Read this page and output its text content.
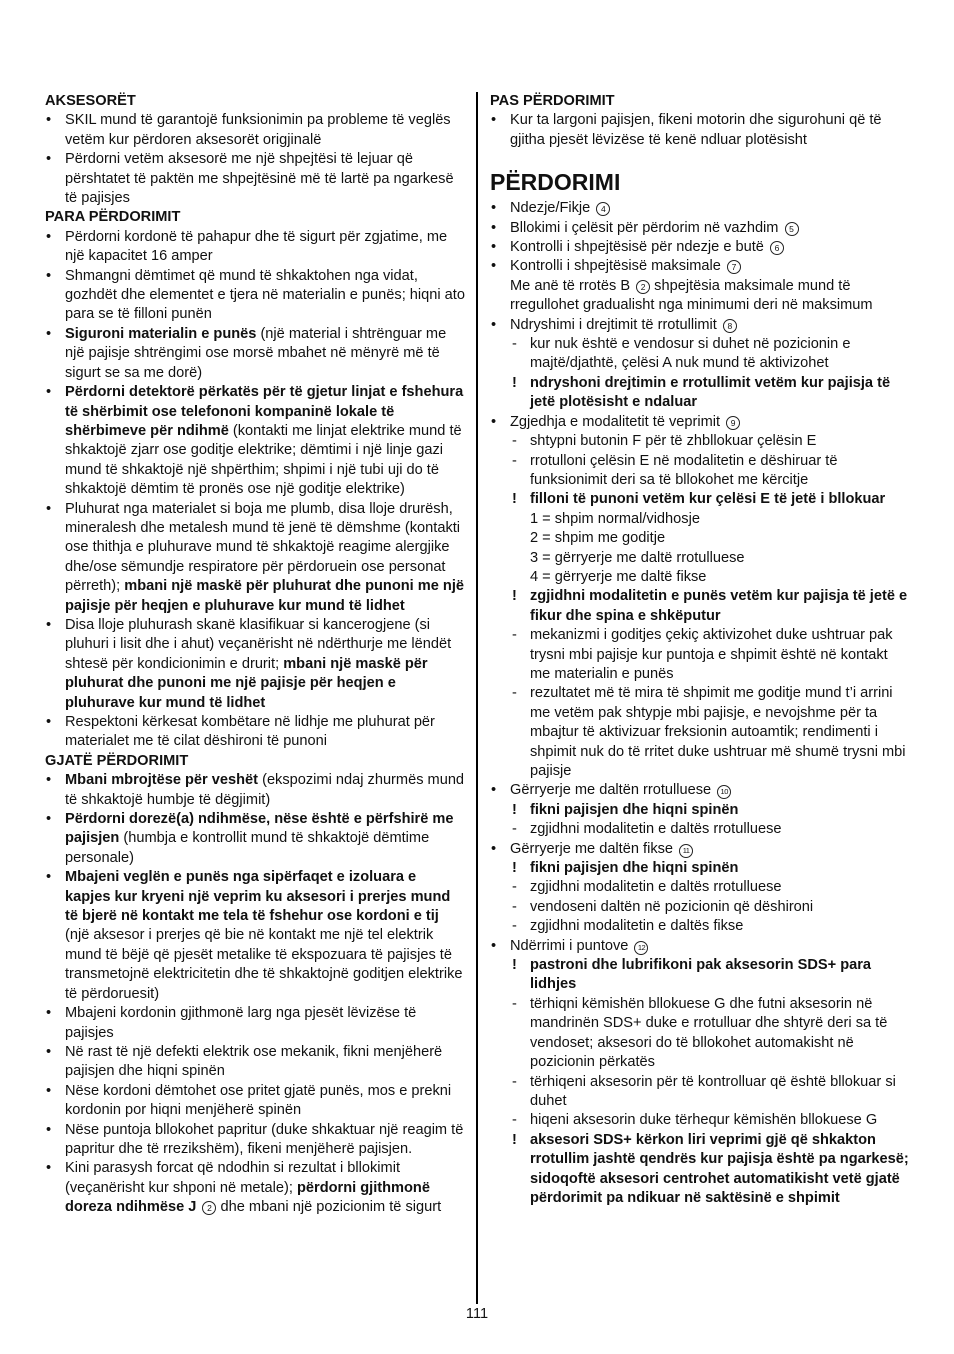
AKSESORËT
• SKIL mund të garantojë funksionimin pa probleme të veglës vetëm kur përdoren aksesorët origjinalë
• Përdorni vetëm aksesorë me një shpejtësi të lejuar që përshtatet të paktën me shpejtësinë më të lartë pa ngarkesë të pajisjes
PARA PËRDORIMIT
• Përdorni kordonë të pahapur dhe të sigurt për zgjatime, me një kapacitet 16 amper
• Shmangni dëmtimet që mund të shkaktohen nga vidat, gozhdët dhe elementet e tjera në materialin e punës; hiqni ato para se të filloni punën
• Siguroni materialin e punës (një material i shtrënguar me një pajisje shtrëngimi ose morsë mbahet në mënyrë më të sigurt se sa me dorë)
• Përdorni detektorë përkatës për të gjetur linjat e fshehura të shërbimit ose telefononi kompaninë lokale të shërbimeve për ndihmë (kontakti me linjat elektrike mund të shkaktojë zjarr ose goditje elektrike; dëmtimi i një linje gazi mund të shkaktojë një shpërthim; shpimi i një tubi uji do të shkaktojë dëmtim të pronës ose një goditje elektrike)
• Pluhurat nga materialet si boja me plumb, disa lloje drurësh, mineralesh dhe metalesh mund të jenë të dëmshme (kontakti ose thithja e pluhurave mund të shkaktojë reagime alergjike dhe/ose sëmundje respiratore për përdoruein ose personat përreth); mbani një maskë për pluhurat dhe punoni me një pajisje për heqjen e pluhurave kur mund të lidhet
• Disa lloje pluhurash skanë klasifikuar si kancerogjene (si pluhuri i lisit dhe i ahut) veçanërisht në ndërthurje me lëndët shtesë për kondicionimin e drurit; mbani një maskë për pluhurat dhe punoni me një pajisje për heqjen e pluhurave kur mund të lidhet
• Respektoni kërkesat kombëtare në lidhje me pluhurat për materialet me të cilat dëshironi të punoni
GJATË PËRDORIMIT
• Mbani mbrojtëse për veshët (ekspozimi ndaj zhurmës mund të shkaktojë humbje të dëgjimit)
• Përdorni dorezë(a) ndihmëse, nëse është e përfshirë me pajisjen (humbja e kontrollit mund të shkaktojë dëmtime personale)
• Mbajeni veglën e punës nga sipërfaqet e izoluara e kapjes kur kryeni një veprim ku aksesori i prerjes mund të bjerë në kontakt me tela të fshehur ose kordoni e tij (një aksesor i prerjes që bie në kontakt me një tel elektrik mund të bëjë që pjesët metalike të ekspozuara të pajisjes të transmetojnë elektricitetin dhe të shkaktojnë goditjen elektrike të përdoruesit)
• Mbajeni kordonin gjithmonë larg nga pjesët lëvizëse të pajisjes
• Në rast të një defekti elektrik ose mekanik, fikni menjëherë pajisjen dhe hiqni spinën
• Nëse kordoni dëmtohet ose pritet gjatë punës, mos e prekni kordonin por hiqni menjëherë spinën
• Nëse puntoja bllokohet papritur (duke shkaktuar një reagim të papritur dhe të rrezikshëm), fikeni menjëherë pajisjen.
• Kini parasysh forcat që ndodhin si rezultat i bllokimit (veçanërisht kur shponi në metale); përdorni gjithmonë doreza ndihmëse J 2 dhe mbani një pozicionim të sigurt
PAS PËRDORIMIT
• Kur ta largoni pajisjen, fikeni motorin dhe sigurohuni që të gjitha pjesët lëvizëse të kenë ndluar plotësisht
PËRDORIMI
• Ndezje/Fikje 4
• Bllokimi i çelësit për përdorim në vazhdim 5
• Kontrolli i shpejtësisë për ndezje e butë 6
• Kontrolli i shpejtësisë maksimale 7
Me anë të rrotës B 2 shpejtësia maksimale mund të rregullohet gradualisht nga minimumi deri në maksimum
• Ndryshimi i drejtimit të rrotullimit 8
- kur nuk është e vendosur si duhet në pozicionin e majtë/djathtë, çelësi A nuk mund të aktivizohet
! ndryshoni drejtimin e rrotullimit vetëm kur pajisja të jetë plotësisht e ndaluar
• Zgjedhja e modalitetit të veprimit 9
- shtypni butonin F për të zhbllokuar çelësin E
- rrotulloni çelësin E në modalitetin e dëshiruar të funksionimit deri sa të bllokohet me kërcitje
! filloni të punoni vetëm kur çelësi E të jetë i bllokuar
1 = shpim normal/vidhosje
2 = shpim me goditje
3 = gërryerje me daltë rrotulluese
4 = gërryerje me daltë fikse
! zgjidhni modalitetin e punës vetëm kur pajisja të jetë e fikur dhe spina e shkëputur
- mekanizmi i goditjes çekiç aktivizohet duke ushtruar pak trysni mbi pajisje kur puntoja e shpimit është në kontakt me materialin e punës
- rezultatet më të mira të shpimit me goditje mund t’i arrini me vetëm pak shtypje mbi pajisje, e nevojshme për ta mbajtur të aktivizuar freksionin autoamtik; rendimenti i shpimit nuk do të rritet duke ushtruar më shumë trysni mbi pajisje
• Gërryerje me daltën rrotulluese 10
! fikni pajisjen dhe hiqni spinën
- zgjidhni modalitetin e daltës rrotulluese
• Gërryerje me daltën fikse 11
! fikni pajisjen dhe hiqni spinën
- zgjidhni modalitetin e daltës rrotulluese
- vendoseni daltën në pozicionin që dëshironi
- zgjidhni modalitetin e daltës fikse
• Ndërrimi i puntove 12
! pastroni dhe lubrifikoni pak aksesorin SDS+ para lidhjes
- tërhiqni këmishën bllokuese G dhe futni aksesorin në mandrinën SDS+ duke e rrotulluar dhe shtyrë deri sa të vendoset; aksesori do të bllokohet automakisht në pozicionin përkatës
- tërhiqeni aksesorin për të kontrolluar që është bllokuar si duhet
- hiqeni aksesorin duke tërhequr këmishën bllokuese G
! aksesori SDS+ kërkon liri veprimi gjë që shkakton rrotullim jashtë qendrës kur pajisja është pa ngarkesë; sidoqoftë aksesori centrohet automatikisht vetë gjatë përdorimit pa ndikuar në saktësinë e shpimit
111
